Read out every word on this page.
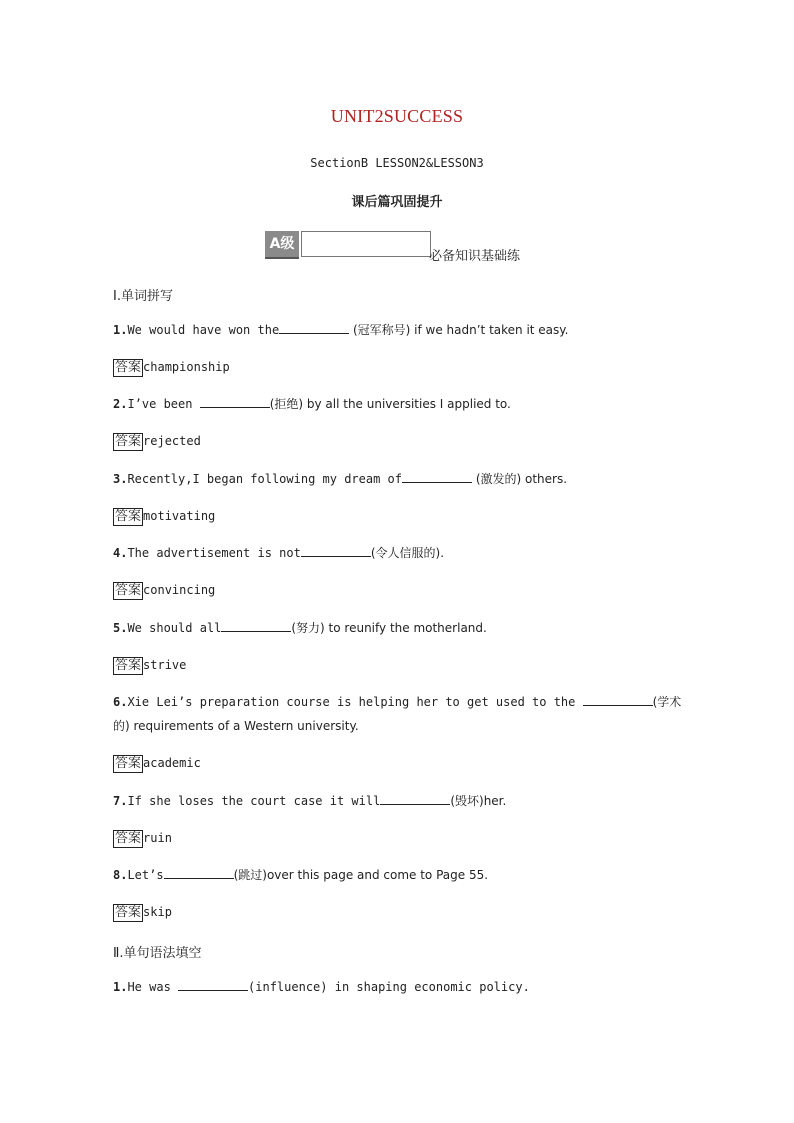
UNIT2SUCCESS
SectionB LESSON2&LESSON3
课后篇巩固提升
A级
必备知识基础练
Ⅰ.单词拼写
1.We would have won the	(冠军称号) if we hadn’t taken it easy.
答案 championship
2.I’ve been	(拒绝) by all the universities I applied to.
答案 rejected
3.Recently,I began following my dream of	(激发的) others.
答案 motivating
4.The advertisement is not	(令人信服的).
答案 convincing
5.We should all	(努力) to reunify the motherland.
答案 strive
6.Xie Lei’s preparation course is helping her to get used to the	(学术的) requirements of a Western university.
答案 academic
7.If she loses the court case it will	(毁坏)her.
答案 ruin
8.Let’s	(跳过)over this page and come to Page 55.
答案 skip
Ⅱ.单句语法填空
1.He was	(influence) in shaping economic policy.
